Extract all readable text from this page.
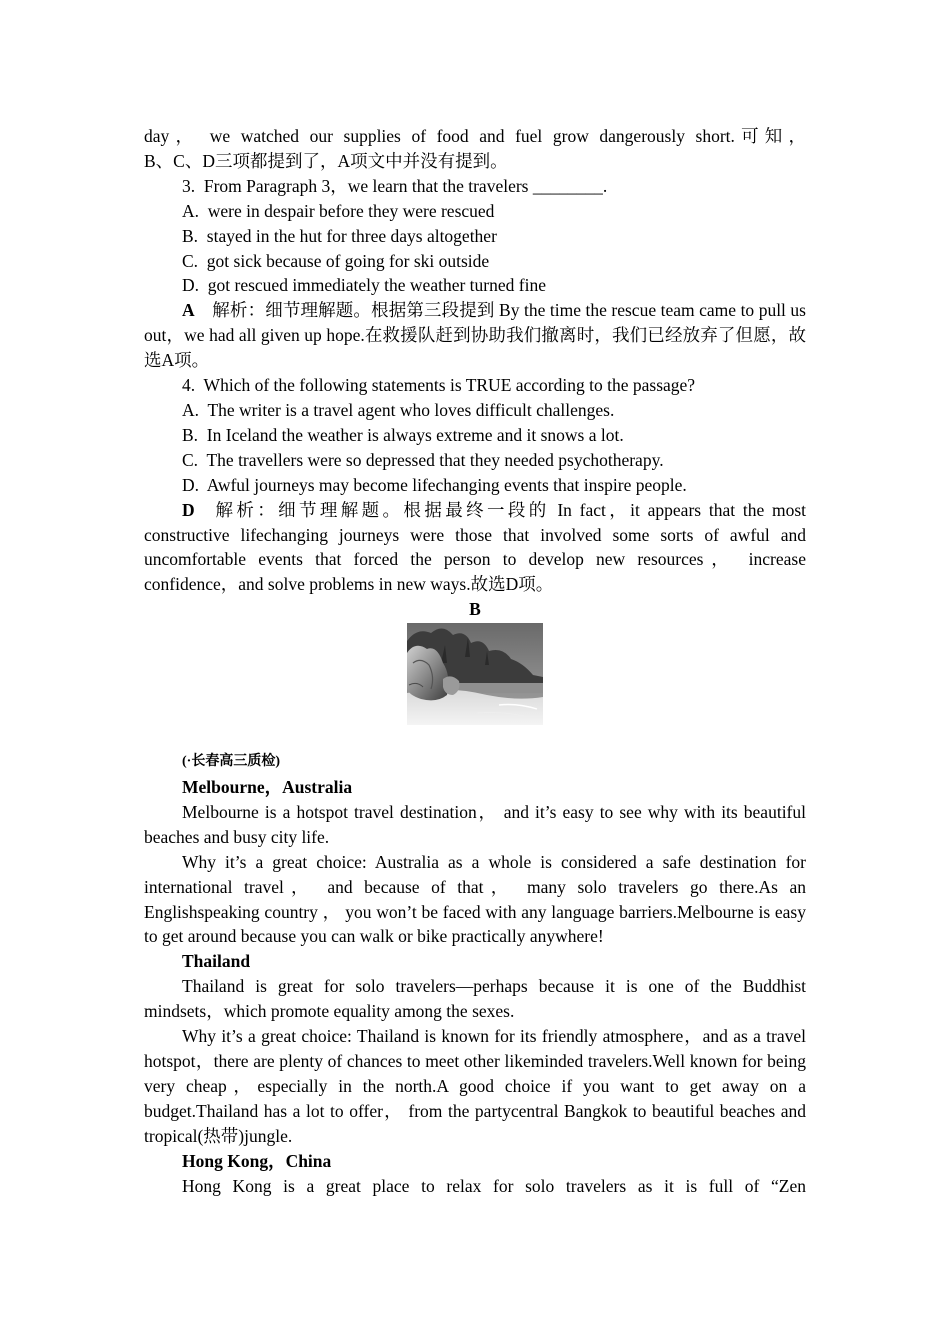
day， we watched our supplies of food and fuel grow dangerously short.可知，

B、C、D三项都提到了，A项文中并没有提到。

3.  From Paragraph 3，we learn that the travelers ________.

A.  were in despair before they were rescued

B.  stayed in the hut for three days altogether

C.  got sick because of going for ski outside

D.  got rescued immediately the weather turned fine

A   解析：细节理解题。根据第三段提到 By the time the rescue team came to pull us out，we had all given up hope.在救援队赶到协助我们撤离时，我们已经放弃了但愿，故选A项。

4.  Which of the following statements is TRUE according to the passage?

A.  The writer is a travel agent who loves difficult challenges.

B.  In Iceland the weather is always extreme and it snows a lot.

C.  The travellers were so depressed that they needed psychotherapy.

D.  Awful journeys may become lifechanging events that inspire people.

D   解析：细节理解题。根据最终一段的 In fact，it appears that the most constructive lifechanging journeys were those that involved some sorts of awful and uncomfortable events that forced the person to develop new resources， increase confidence，and solve problems in new ways.故选D项。

B

(·长春高三质检)

Melbourne，Australia

Melbourne is a hotspot travel destination， and it’s easy to see why with its beautiful beaches and busy city life.

Why it’s a great choice: Australia as a whole is considered a safe destination for international travel， and because of that， many solo travelers go there.As an Englishspeaking country ， you won’t be faced with any language barriers.Melbourne is easy to get around because you can walk or bike practically anywhere!

Thailand

Thailand is great for solo travelers—perhaps because it is one of the Buddhist mindsets，which promote equality among the sexes.

Why it’s a great choice: Thailand is known for its friendly atmosphere，and as a travel hotspot，there are plenty of chances to meet other likeminded travelers.Well known for being very cheap，especially in the north.A good choice if you want to get away on a budget.Thailand has a lot to offer， from the partycentral Bangkok to beautiful beaches and tropical(热带)jungle.

Hong Kong，China

Hong Kong is a great place to relax for solo travelers as it is full of “Zen
